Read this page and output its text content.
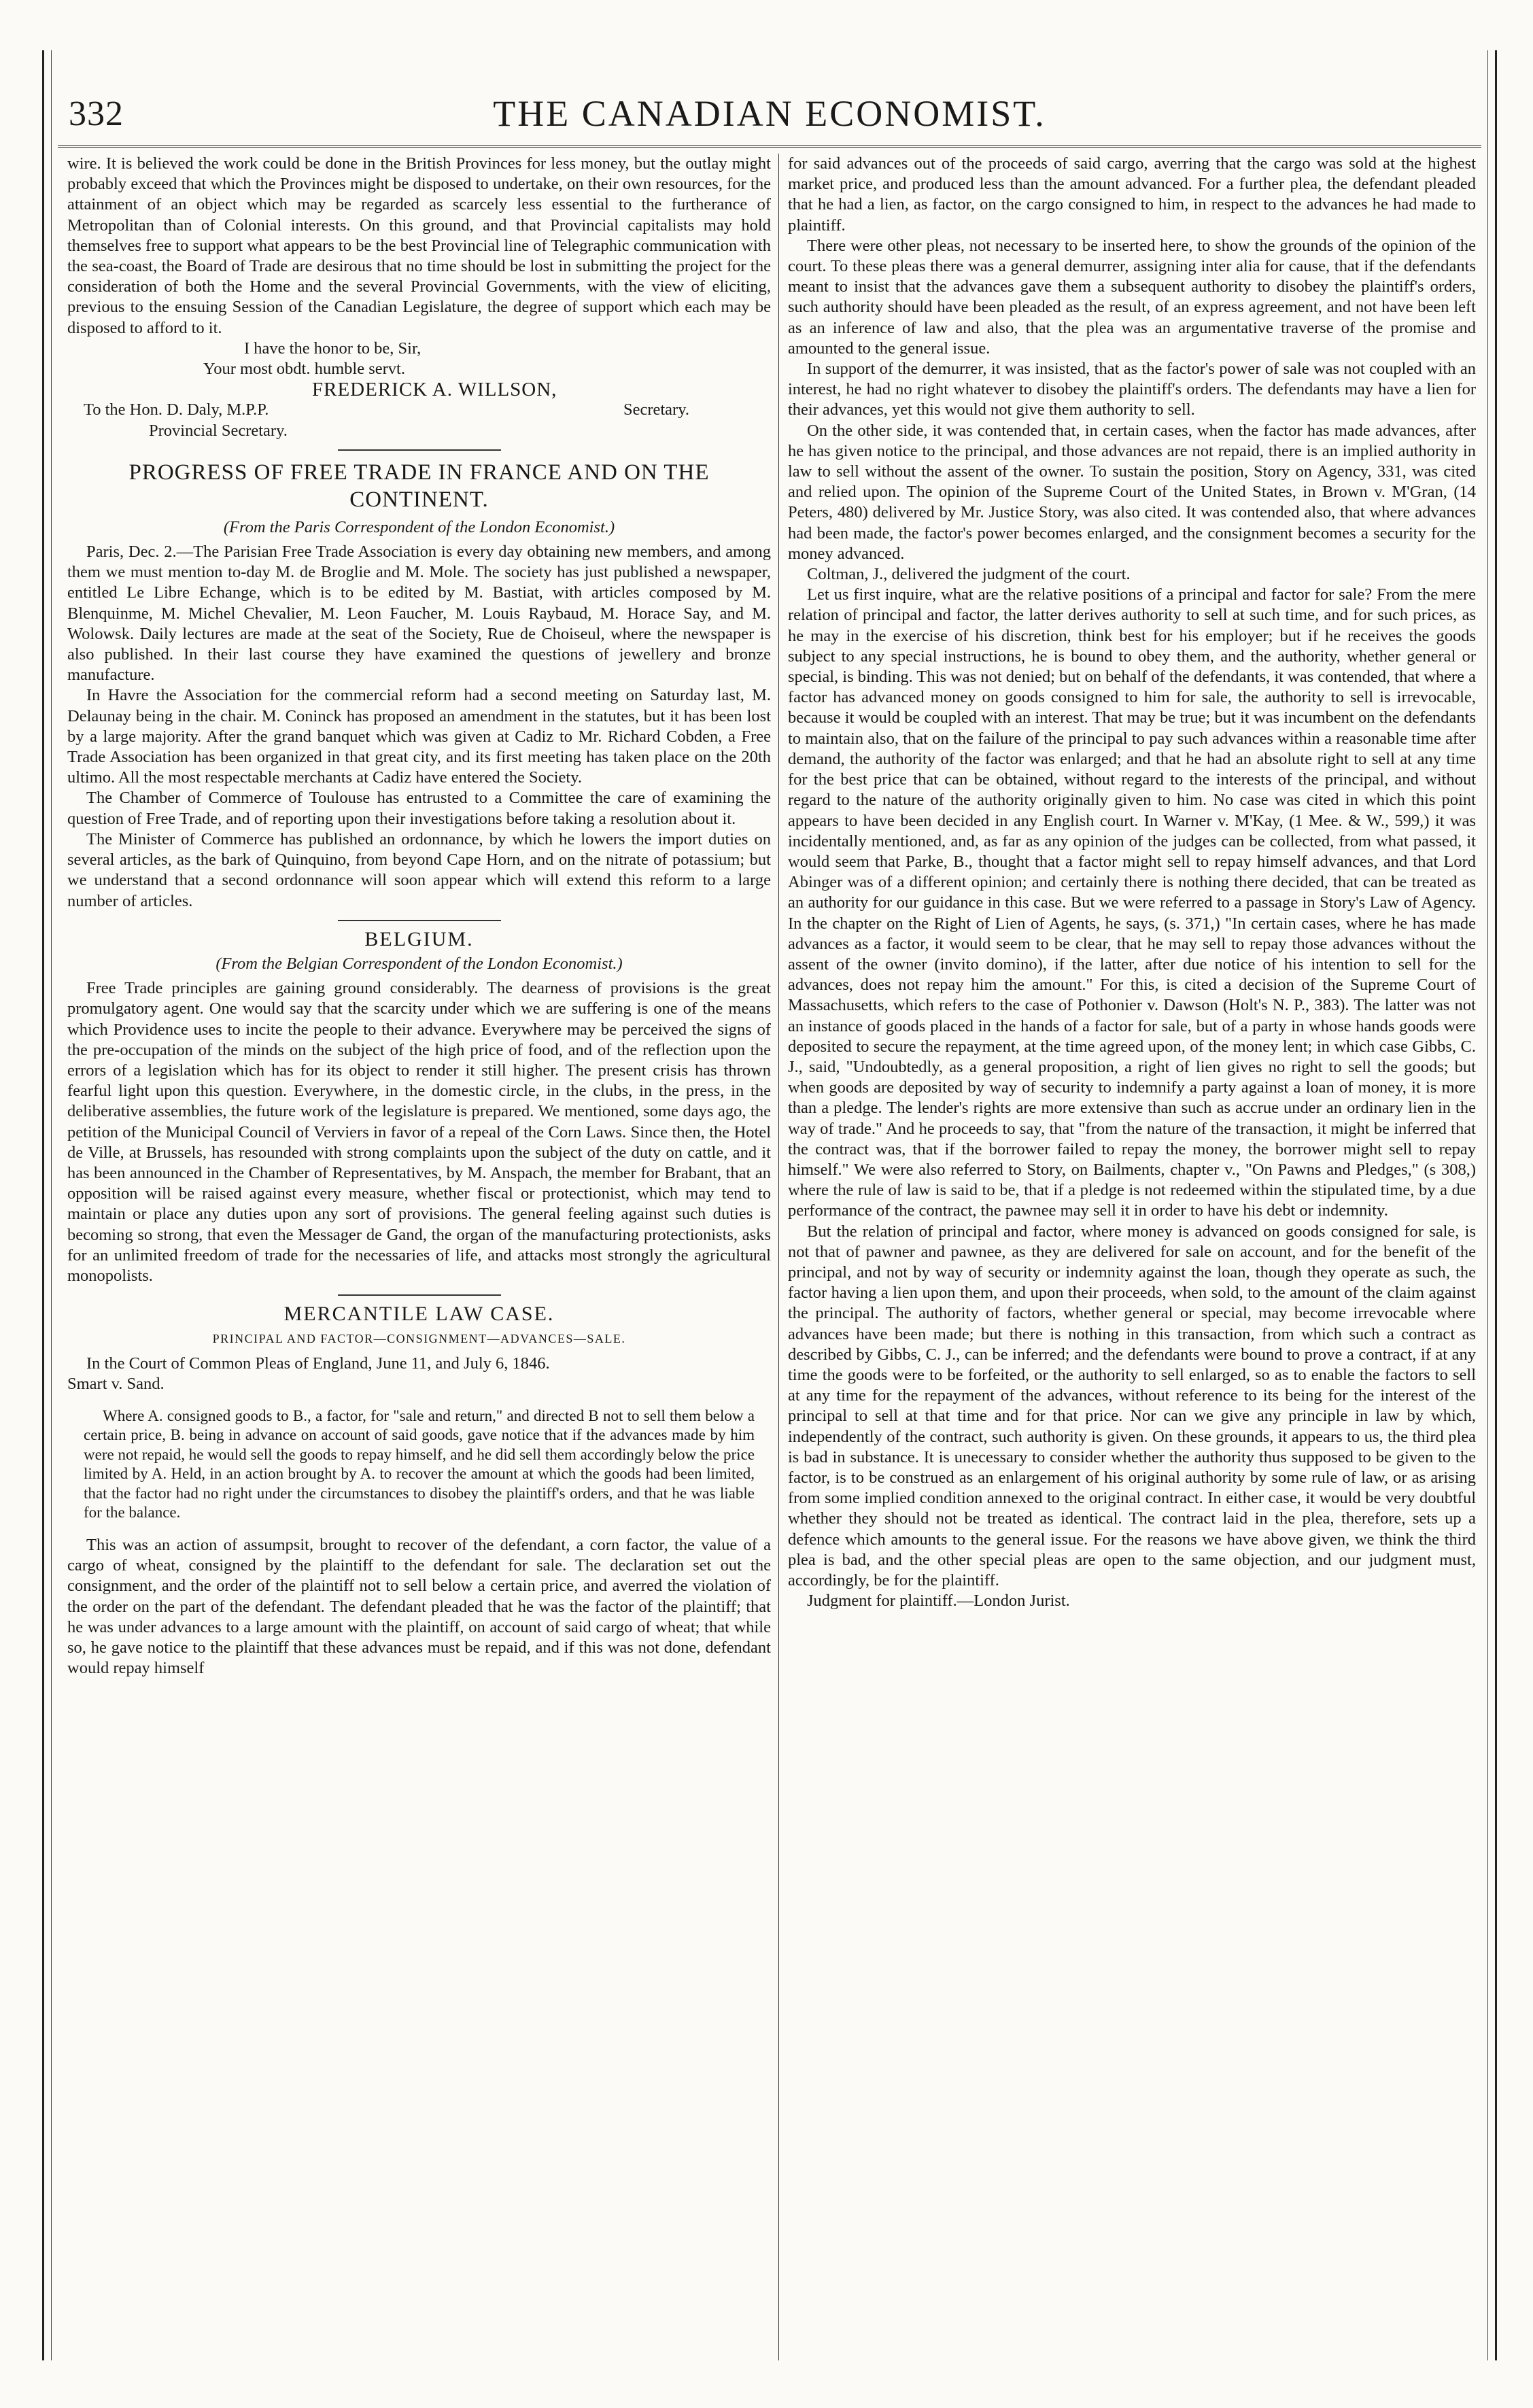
THE CANADIAN ECONOMIST.
332

wire. It is believed the work could be done in the British Provinces for less money, but the outlay might probably exceed that which the Provinces might be disposed to undertake, on their own resources, for the attainment of an object which may be regarded as scarcely less essential to the furtherance of Metropolitan than of Colonial interests. On this ground, and that Provincial capitalists may hold themselves free to support what appears to be the best Provincial line of Telegraphic communication with the sea-coast, the Board of Trade are desirous that no time should be lost in submitting the project for the consideration of both the Home and the several Provincial Governments, with the view of eliciting, previous to the ensuing Session of the Canadian Legislature, the degree of support which each may be disposed to afford to it.

I have the honor to be, Sir,

Your most obdt. humble servt.

FREDERICK A. WILLSON,

To the Hon. D. Daly, M.P.P.	Secretary.

Provincial Secretary.

PROGRESS OF FREE TRADE IN FRANCE AND ON THE CONTINENT.
(From the Paris Correspondent of the London Economist.)

Paris, Dec. 2.—The Parisian Free Trade Association is every day obtaining new members, and among them we must mention to-day M. de Broglie and M. Mole. The society has just published a newspaper, entitled Le Libre Echange, which is to be edited by M. Bastiat, with articles composed by M. Blenquinme, M. Michel Chevalier, M. Leon Faucher, M. Louis Raybaud, M. Horace Say, and M. Wolowsk. Daily lectures are made at the seat of the Society, Rue de Choiseul, where the newspaper is also published. In their last course they have examined the questions of jewellery and bronze manufacture.

In Havre the Association for the commercial reform had a second meeting on Saturday last, M. Delaunay being in the chair. M. Coninck has proposed an amendment in the statutes, but it has been lost by a large majority. After the grand banquet which was given at Cadiz to Mr. Richard Cobden, a Free Trade Association has been organized in that great city, and its first meeting has taken place on the 20th ultimo. All the most respectable merchants at Cadiz have entered the Society.

The Chamber of Commerce of Toulouse has entrusted to a Committee the care of examining the question of Free Trade, and of reporting upon their investigations before taking a resolution about it.

The Minister of Commerce has published an ordonnance, by which he lowers the import duties on several articles, as the bark of Quinquino, from beyond Cape Horn, and on the nitrate of potassium; but we understand that a second ordonnance will soon appear which will extend this reform to a large number of articles.

BELGIUM.
(From the Belgian Correspondent of the London Economist.)

Free Trade principles are gaining ground considerably. The dearness of provisions is the great promulgatory agent. One would say that the scarcity under which we are suffering is one of the means which Providence uses to incite the people to their advance. Everywhere may be perceived the signs of the pre-occupation of the minds on the subject of the high price of food, and of the reflection upon the errors of a legislation which has for its object to render it still higher. The present crisis has thrown fearful light upon this question. Everywhere, in the domestic circle, in the clubs, in the press, in the deliberative assemblies, the future work of the legislature is prepared. We mentioned, some days ago, the petition of the Municipal Council of Verviers in favor of a repeal of the Corn Laws. Since then, the Hotel de Ville, at Brussels, has resounded with strong complaints upon the subject of the duty on cattle, and it has been announced in the Chamber of Representatives, by M. Anspach, the member for Brabant, that an opposition will be raised against every measure, whether fiscal or protectionist, which may tend to maintain or place any duties upon any sort of provisions. The general feeling against such duties is becoming so strong, that even the Messager de Gand, the organ of the manufacturing protectionists, asks for an unlimited freedom of trade for the necessaries of life, and attacks most strongly the agricultural monopolists.

MERCANTILE LAW CASE.
PRINCIPAL AND FACTOR—CONSIGNMENT—ADVANCES—SALE.

In the Court of Common Pleas of England, June 11, and July 6, 1846.

Smart v. Sand.

Where A. consigned goods to B., a factor, for "sale and return," and directed B not to sell them below a certain price, B. being in advance on account of said goods, gave notice that if the advances made by him were not repaid, he would sell the goods to repay himself, and he did sell them accordingly below the price limited by A. Held, in an action brought by A. to recover the amount at which the goods had been limited, that the factor had no right under the circumstances to disobey the plaintiff's orders, and that he was liable for the balance.

This was an action of assumpsit, brought to recover of the defendant, a corn factor, the value of a cargo of wheat, consigned by the plaintiff to the defendant for sale. The declaration set out the consignment, and the order of the plaintiff not to sell below a certain price, and averred the violation of the order on the part of the defendant. The defendant pleaded that he was the factor of the plaintiff; that he was under advances to a large amount with the plaintiff, on account of said cargo of wheat; that while so, he gave notice to the plaintiff that these advances must be repaid, and if this was not done, defendant would repay himself

for said advances out of the proceeds of said cargo, averring that the cargo was sold at the highest market price, and produced less than the amount advanced. For a further plea, the defendant pleaded that he had a lien, as factor, on the cargo consigned to him, in respect to the advances he had made to plaintiff.

There were other pleas, not necessary to be inserted here, to show the grounds of the opinion of the court. To these pleas there was a general demurrer, assigning inter alia for cause, that if the defendants meant to insist that the advances gave them a subsequent authority to disobey the plaintiff's orders, such authority should have been pleaded as the result, of an express agreement, and not have been left as an inference of law and also, that the plea was an argumentative traverse of the promise and amounted to the general issue.

In support of the demurrer, it was insisted, that as the factor's power of sale was not coupled with an interest, he had no right whatever to disobey the plaintiff's orders. The defendants may have a lien for their advances, yet this would not give them authority to sell.

On the other side, it was contended that, in certain cases, when the factor has made advances, after he has given notice to the principal, and those advances are not repaid, there is an implied authority in law to sell without the assent of the owner. To sustain the position, Story on Agency, 331, was cited and relied upon. The opinion of the Supreme Court of the United States, in Brown v. M'Gran, (14 Peters, 480) delivered by Mr. Justice Story, was also cited. It was contended also, that where advances had been made, the factor's power becomes enlarged, and the consignment becomes a security for the money advanced.

Coltman, J., delivered the judgment of the court.

Let us first inquire, what are the relative positions of a principal and factor for sale? From the mere relation of principal and factor, the latter derives authority to sell at such time, and for such prices, as he may in the exercise of his discretion, think best for his employer; but if he receives the goods subject to any special instructions, he is bound to obey them, and the authority, whether general or special, is binding. This was not denied; but on behalf of the defendants, it was contended, that where a factor has advanced money on goods consigned to him for sale, the authority to sell is irrevocable, because it would be coupled with an interest. That may be true; but it was incumbent on the defendants to maintain also, that on the failure of the principal to pay such advances within a reasonable time after demand, the authority of the factor was enlarged; and that he had an absolute right to sell at any time for the best price that can be obtained, without regard to the interests of the principal, and without regard to the nature of the authority originally given to him. No case was cited in which this point appears to have been decided in any English court. In Warner v. M'Kay, (1 Mee. & W., 599,) it was incidentally mentioned, and, as far as any opinion of the judges can be collected, from what passed, it would seem that Parke, B., thought that a factor might sell to repay himself advances, and that Lord Abinger was of a different opinion; and certainly there is nothing there decided, that can be treated as an authority for our guidance in this case. But we were referred to a passage in Story's Law of Agency. In the chapter on the Right of Lien of Agents, he says, (s. 371,) "In certain cases, where he has made advances as a factor, it would seem to be clear, that he may sell to repay those advances without the assent of the owner (invito domino), if the latter, after due notice of his intention to sell for the advances, does not repay him the amount." For this, is cited a decision of the Supreme Court of Massachusetts, which refers to the case of Pothonier v. Dawson (Holt's N. P., 383). The latter was not an instance of goods placed in the hands of a factor for sale, but of a party in whose hands goods were deposited to secure the repayment, at the time agreed upon, of the money lent; in which case Gibbs, C. J., said, "Undoubtedly, as a general proposition, a right of lien gives no right to sell the goods; but when goods are deposited by way of security to indemnify a party against a loan of money, it is more than a pledge. The lender's rights are more extensive than such as accrue under an ordinary lien in the way of trade." And he proceeds to say, that "from the nature of the transaction, it might be inferred that the contract was, that if the borrower failed to repay the money, the borrower might sell to repay himself." We were also referred to Story, on Bailments, chapter v., "On Pawns and Pledges," (s 308,) where the rule of law is said to be, that if a pledge is not redeemed within the stipulated time, by a due performance of the contract, the pawnee may sell it in order to have his debt or indemnity.

But the relation of principal and factor, where money is advanced on goods consigned for sale, is not that of pawner and pawnee, as they are delivered for sale on account, and for the benefit of the principal, and not by way of security or indemnity against the loan, though they operate as such, the factor having a lien upon them, and upon their proceeds, when sold, to the amount of the claim against the principal. The authority of factors, whether general or special, may become irrevocable where advances have been made; but there is nothing in this transaction, from which such a contract as described by Gibbs, C. J., can be inferred; and the defendants were bound to prove a contract, if at any time the goods were to be forfeited, or the authority to sell enlarged, so as to enable the factors to sell at any time for the repayment of the advances, without reference to its being for the interest of the principal to sell at that time and for that price. Nor can we give any principle in law by which, independently of the contract, such authority is given. On these grounds, it appears to us, the third plea is bad in substance. It is unecessary to consider whether the authority thus supposed to be given to the factor, is to be construed as an enlargement of his original authority by some rule of law, or as arising from some implied condition annexed to the original contract. In either case, it would be very doubtful whether they should not be treated as identical. The contract laid in the plea, therefore, sets up a defence which amounts to the general issue. For the reasons we have above given, we think the third plea is bad, and the other special pleas are open to the same objection, and our judgment must, accordingly, be for the plaintiff.

Judgment for plaintiff.—London Jurist.
